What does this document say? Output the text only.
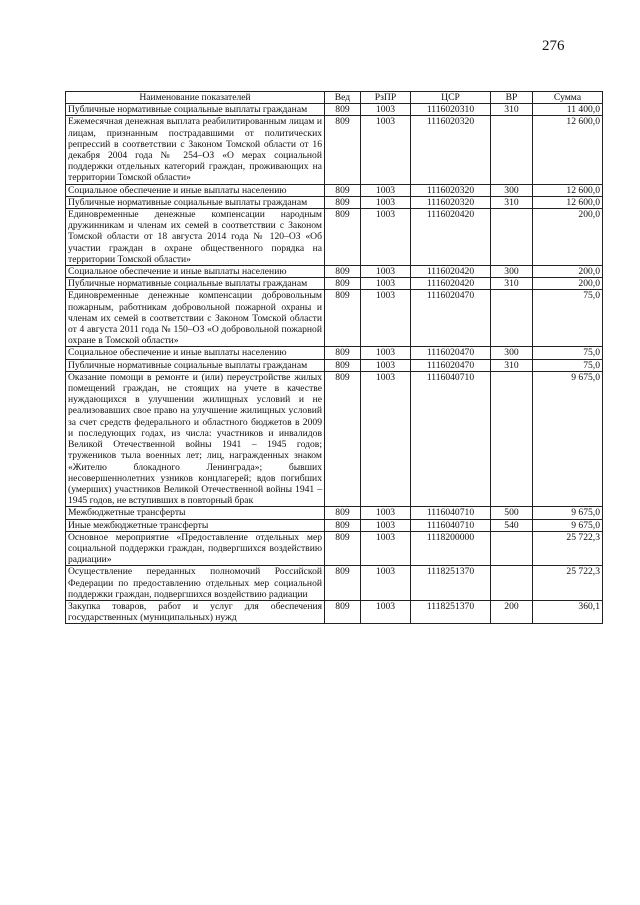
276
Наименование показателей	Вед	РзПР	ЦСР	ВР	Сумма
Публичные нормативные социальные выплаты гражданам	809	1003	1116020310	310	11 400,0
Ежемесячная денежная выплата реабилитированным лицам и лицам, признанным пострадавшими от политических репрессий в соответствии с Законом Томской области от 16 декабря 2004 года № 254–ОЗ «О мерах социальной поддержки отдельных категорий граждан, проживающих на территории Томской области»	809	1003	1116020320		12 600,0
Социальное обеспечение и иные выплаты населению	809	1003	1116020320	300	12 600,0
Публичные нормативные социальные выплаты гражданам	809	1003	1116020320	310	12 600,0
Единовременные денежные компенсации народным дружинникам и членам их семей в соответствии с Законом Томской области от 18 августа 2014 года № 120–ОЗ «Об участии граждан в охране общественного порядка на территории Томской области»	809	1003	1116020420		200,0
Социальное обеспечение и иные выплаты населению	809	1003	1116020420	300	200,0
Публичные нормативные социальные выплаты гражданам	809	1003	1116020420	310	200,0
Единовременные денежные компенсации добровольным пожарным, работникам добровольной пожарной охраны и членам их семей в соответствии с Законом Томской области от 4 августа 2011 года № 150–ОЗ «О добровольной пожарной охране в Томской области»	809	1003	1116020470		75,0
Социальное обеспечение и иные выплаты населению	809	1003	1116020470	300	75,0
Публичные нормативные социальные выплаты гражданам	809	1003	1116020470	310	75,0
Оказание помощи в ремонте и (или) переустройстве жилых помещений граждан, не стоящих на учете в качестве нуждающихся в улучшении жилищных условий и не реализовавших свое право на улучшение жилищных условий за счет средств федерального и областного бюджетов в 2009 и последующих годах, из числа: участников и инвалидов Великой Отечественной войны 1941 – 1945 годов; тружеников тыла военных лет; лиц, награжденных знаком «Жителю блокадного Ленинграда»; бывших несовершеннолетних узников концлагерей; вдов погибших (умерших) участников Великой Отечественной войны 1941 – 1945 годов, не вступивших в повторный брак	809	1003	1116040710		9 675,0
Межбюджетные трансферты	809	1003	1116040710	500	9 675,0
Иные межбюджетные трансферты	809	1003	1116040710	540	9 675,0
Основное мероприятие «Предоставление отдельных мер социальной поддержки граждан, подвергшихся воздействию радиации»	809	1003	1118200000		25 722,3
Осуществление переданных полномочий Российской Федерации по предоставлению отдельных мер социальной поддержки граждан, подвергшихся воздействию радиации	809	1003	1118251370		25 722,3
Закупка товаров, работ и услуг для обеспечения государственных (муниципальных) нужд	809	1003	1118251370	200	360,1
